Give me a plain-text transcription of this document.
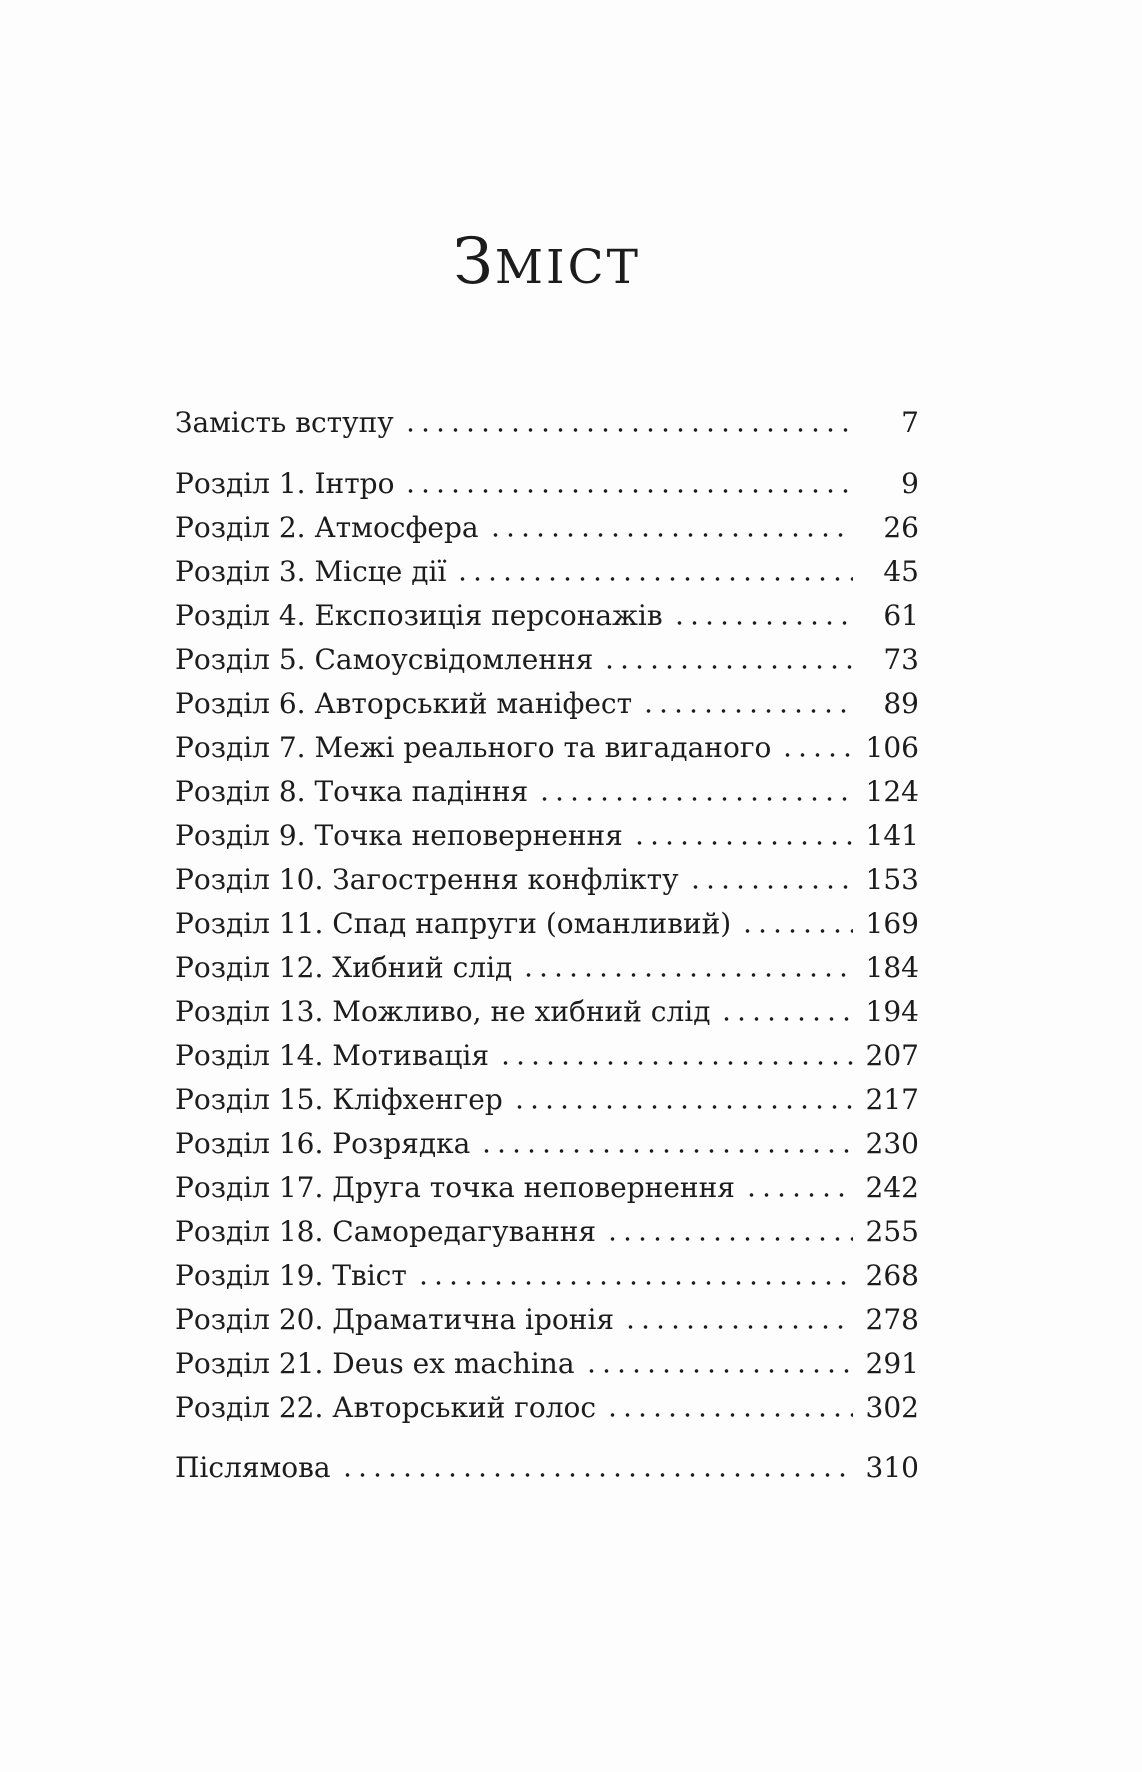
ЗМІСТ
Замість вступу	7
Розділ 1. Інтро	9
Розділ 2. Атмосфера	26
Розділ 3. Місце дії	45
Розділ 4. Експозиція персонажів	61
Розділ 5. Самоусвідомлення	73
Розділ 6. Авторський маніфест	89
Розділ 7. Межі реального та вигаданого	106
Розділ 8. Точка падіння	124
Розділ 9. Точка неповернення	141
Розділ 10. Загострення конфлікту	153
Розділ 11. Спад напруги (оманливий)	169
Розділ 12. Хибний слід	184
Розділ 13. Можливо, не хибний слід	194
Розділ 14. Мотивація	207
Розділ 15. Кліфхенгер	217
Розділ 16. Розрядка	230
Розділ 17. Друга точка неповернення	242
Розділ 18. Саморедагування	255
Розділ 19. Твіст	268
Розділ 20. Драматична іронія	278
Розділ 21. Deus ex machina	291
Розділ 22. Авторський голос	302
Післямова	310
